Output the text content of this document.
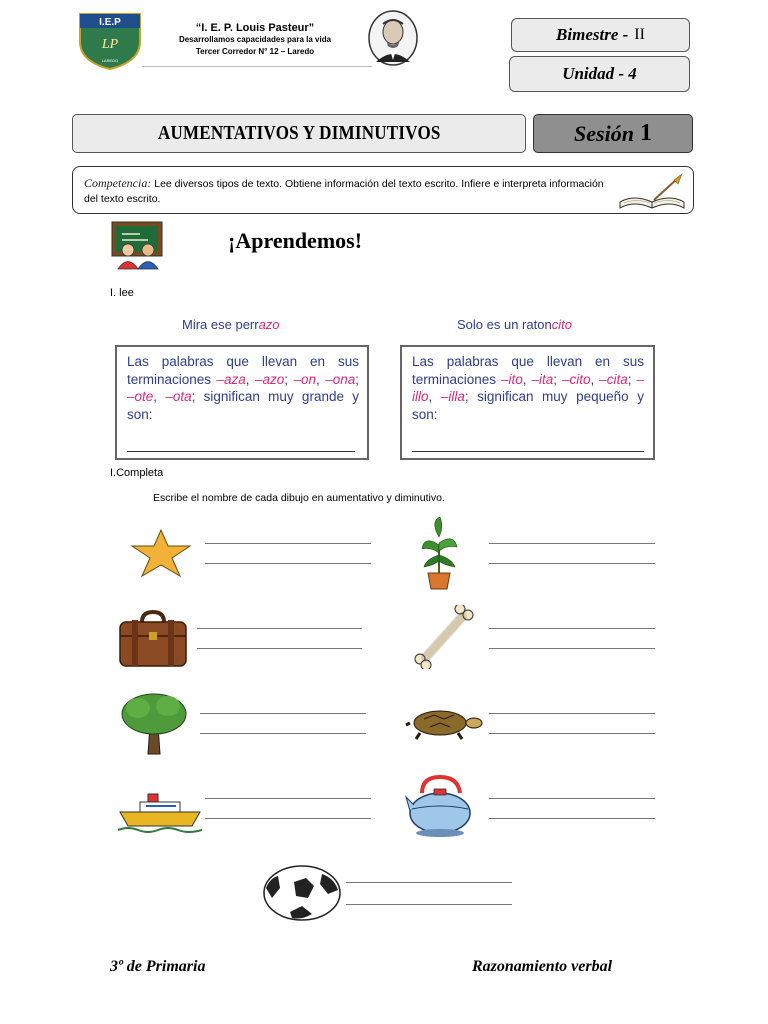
I.E.P
LP
LAREDO
“I. E. P. Louis Pasteur”
Desarrollamos capacidades para la vida
Tercer Corredor N° 12 – Laredo
Bimestre - II
Unidad - 4
AUMENTATIVOS Y DIMINUTIVOS	Sesión 1
Competencia: Lee diversos tipos de texto. Obtiene información del texto escrito. Infiere e interpreta información del texto escrito.
¡Aprendemos!
I. lee
Mira ese perrazo	Solo es un ratoncito
Las palabras que llevan en sus terminaciones –aza, –azo; –on, –ona; –ote, –ota; significan muy grande y son:
Las palabras que llevan en sus terminaciones –ito, –ita; –cito, –cita; –illo, –illa; significan muy pequeño y son:
I.Completa
Escribe el nombre de cada dibujo en aumentativo y diminutivo.
3º de Primaria	Razonamiento verbal
